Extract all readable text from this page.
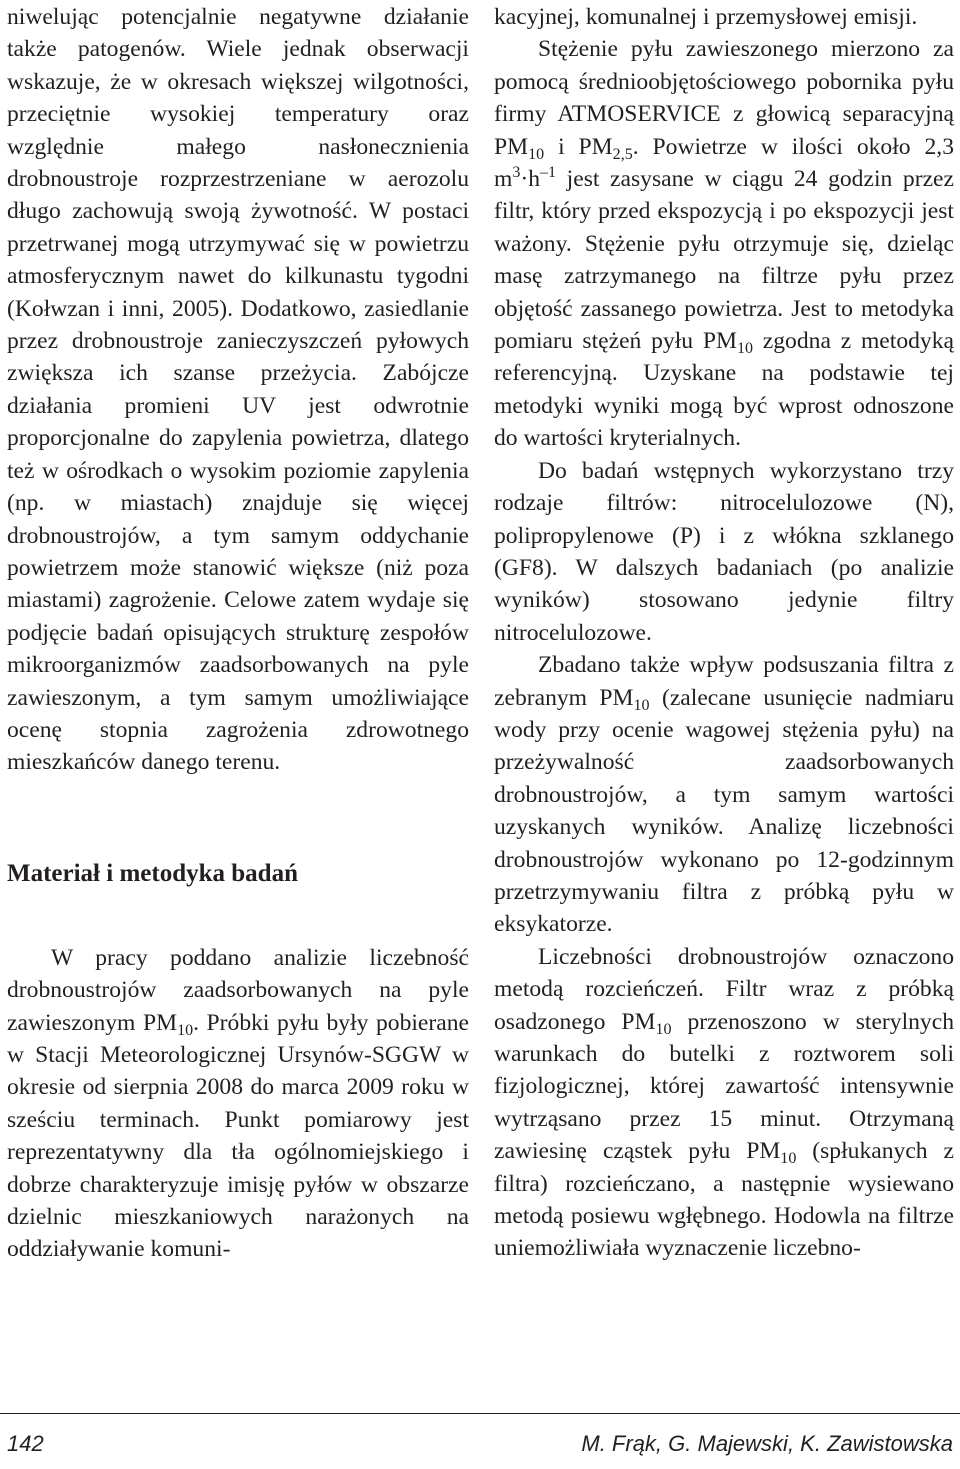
niwelując potencjalnie negatywne działanie także patogenów. Wiele jednak obserwacji wskazuje, że w okresach większej wilgotności, przeciętnie wysokiej temperatury oraz względnie małego nasłonecznienia drobnoustroje rozprzestrzeniane w aerozolu długo zachowują swoją żywotność. W postaci przetrwanej mogą utrzymywać się w powietrzu atmosferycznym nawet do kilkunastu tygodni (Kołwzan i inni, 2005). Dodatkowo, zasiedlanie przez drobnoustroje zanieczyszczeń pyłowych zwiększa ich szanse przeżycia. Zabójcze działania promieni UV jest odwrotnie proporcjonalne do zapylenia powietrza, dlatego też w ośrodkach o wysokim poziomie zapylenia (np. w miastach) znajduje się więcej drobnoustrojów, a tym samym oddychanie powietrzem może stanowić większe (niż poza miastami) zagrożenie. Celowe zatem wydaje się podjęcie badań opisujących strukturę zespołów mikroorganizmów zaadsorbowanych na pyle zawieszonym, a tym samym umożliwiające ocenę stopnia zagrożenia zdrowotnego mieszkańców danego terenu.

Materiał i metodyka badań

W pracy poddano analizie liczebność drobnoustrojów zaadsorbowanych na pyle zawieszonym $PM_{10}$. Próbki pyłu były pobierane w Stacji Meteorologicznej Ursynów-SGGW w okresie od sierpnia 2008 do marca 2009 roku w sześciu terminach. Punkt pomiarowy jest reprezentatywny dla tła ogólnomiejskiego i dobrze charakteryzuje imisję pyłów w obszarze dzielnic mieszkaniowych narażonych na oddziaływanie komuni-

kacyjnej, komunalnej i przemysłowej emisji.

Stężenie pyłu zawieszonego mierzono za pomocą średnioobjętościowego pobornika pyłu firmy ATMOSERVICE z głowicą separacyjną $PM_{10}$ i $PM_{2,5}$. Powietrze w ilości około 2,3 $m^3\cdot h^{-1}$ jest zasysane w ciągu 24 godzin przez filtr, który przed ekspozycją i po ekspozycji jest ważony. Stężenie pyłu otrzymuje się, dzieląc masę zatrzymanego na filtrze pyłu przez objętość zassanego powietrza. Jest to metodyka pomiaru stężeń pyłu $PM_{10}$ zgodna z metodyką referencyjną. Uzyskane na podstawie tej metodyki wyniki mogą być wprost odnoszone do wartości kryterialnych.

Do badań wstępnych wykorzystano trzy rodzaje filtrów: nitrocelulozowe (N), polipropylenowe (P) i z włókna szklanego (GF8). W dalszych badaniach (po analizie wyników) stosowano jedynie filtry nitrocelulozowe.

Zbadano także wpływ podsuszania filtra z zebranym $PM_{10}$ (zalecane usunięcie nadmiaru wody przy ocenie wagowej stężenia pyłu) na przeżywalność zaadsorbowanych drobnoustrojów, a tym samym wartości uzyskanych wyników. Analizę liczebności drobnoustrojów wykonano po 12-godzinnym przetrzymywaniu filtra z próbką pyłu w eksykatorze.

Liczebności drobnoustrojów oznaczono metodą rozcieńczeń. Filtr wraz z próbką osadzonego $PM_{10}$ przenoszono w sterylnych warunkach do butelki z roztworem soli fizjologicznej, której zawartość intensywnie wytrząsano przez 15 minut. Otrzymaną zawiesinę cząstek pyłu $PM_{10}$ (spłukanych z filtra) rozcieńczano, a następnie wysiewano metodą posiewu wgłębnego. Hodowla na filtrze uniemożliwiała wyznaczenie liczebno-

142	M. Frąk, G. Majewski, K. Zawistowska
